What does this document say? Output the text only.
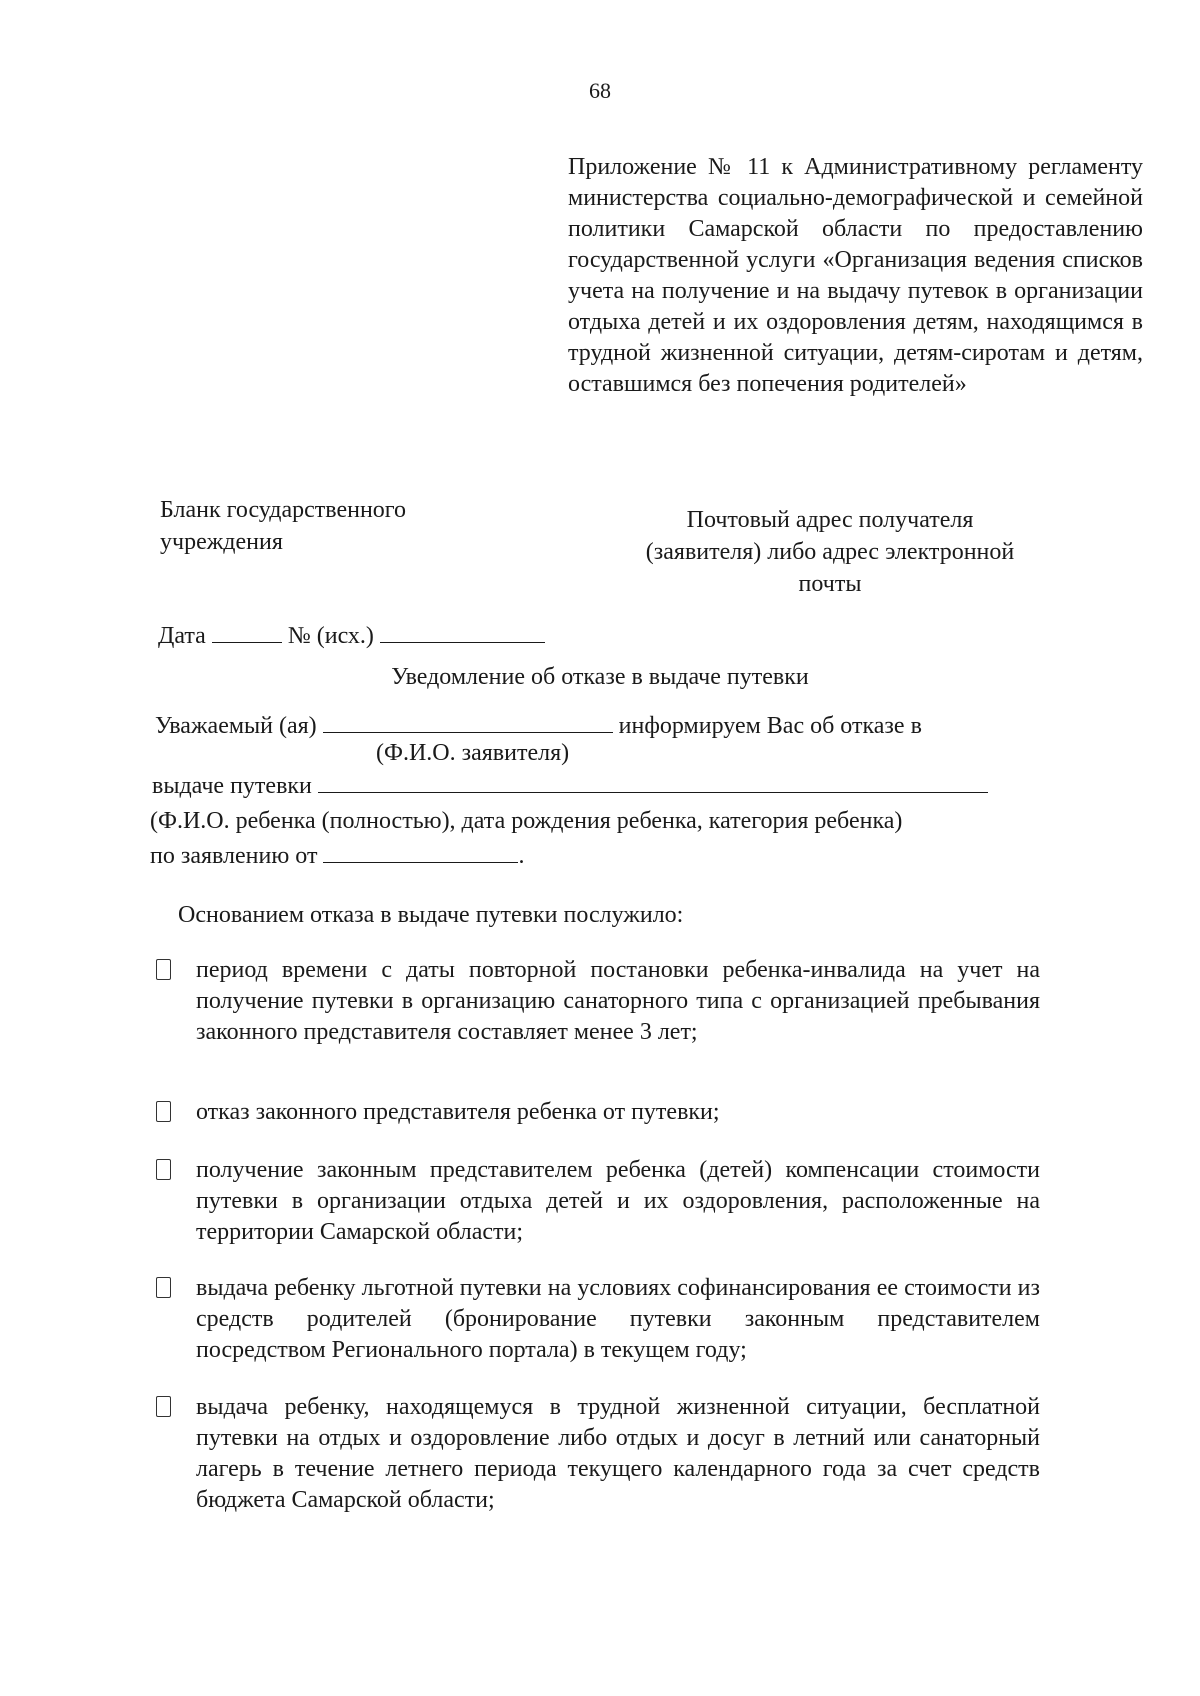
68
Приложение № 11 к Административному регламенту министерства социально-демографической и семейной политики Самарской области по предоставлению государственной услуги «Организация ведения списков учета на получение и на выдачу путевок в организации отдыха детей и их оздоровления детям, находящимся в трудной жизненной ситуации, детям-сиротам и детям, оставшимся без попечения родителей»
Бланк государственного
учреждения
Почтовый адрес получателя
(заявителя) либо адрес электронной
почты
Дата	№ (исх.)
Уведомление об отказе в выдаче путевки
Уважаемый (ая)	информируем Вас об отказе в
(Ф.И.О. заявителя)
выдаче путевки
(Ф.И.О. ребенка (полностью), дата рождения ребенка, категория ребенка)
по заявлению от	.
Основанием отказа в выдаче путевки послужило:
период времени с даты повторной постановки ребенка-инвалида на учет на получение путевки в организацию санаторного типа с организацией пребывания законного представителя составляет менее 3 лет;
отказ законного представителя ребенка от путевки;
получение законным представителем ребенка (детей) компенсации стоимости путевки в организации отдыха детей и их оздоровления, расположенные на территории Самарской области;
выдача ребенку льготной путевки на условиях софинансирования ее стоимости из средств родителей (бронирование путевки законным представителем посредством Регионального портала) в текущем году;
выдача ребенку, находящемуся в трудной жизненной ситуации, бесплатной путевки на отдых и оздоровление либо отдых и досуг в летний или санаторный лагерь в течение летнего периода текущего календарного года за счет средств бюджета Самарской области;
